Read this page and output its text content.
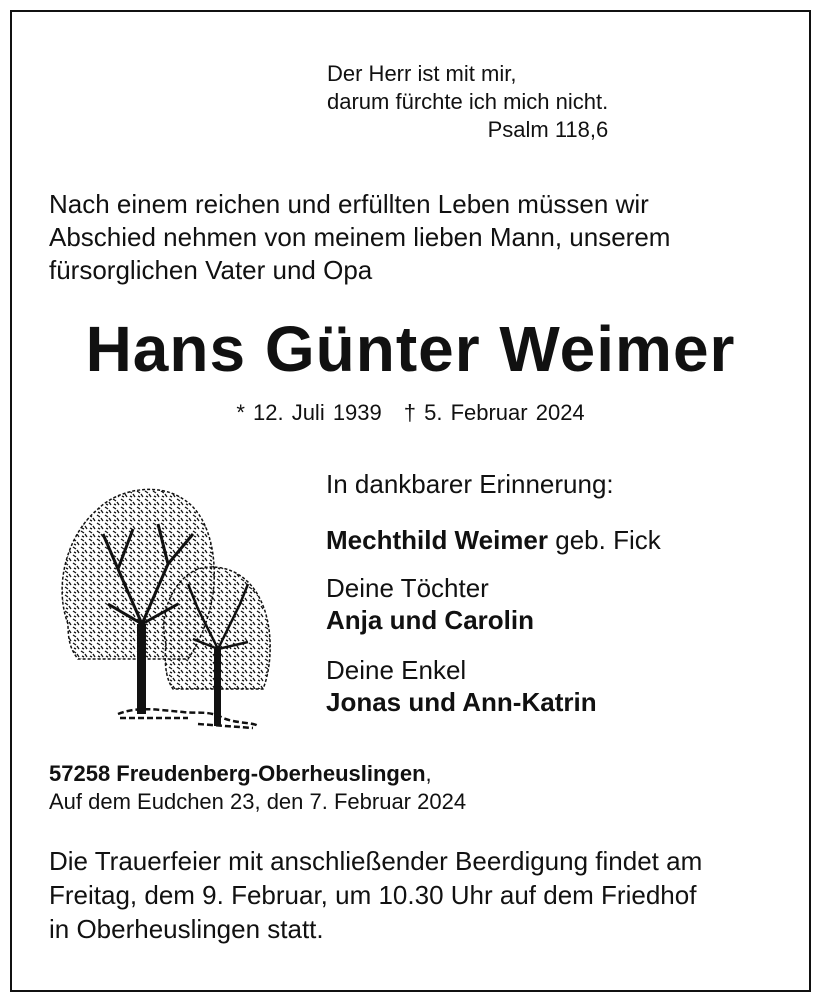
Der Herr ist mit mir,
darum fürchte ich mich nicht.
Psalm 118,6
Nach einem reichen und erfüllten Leben müssen wir
Abschied nehmen von meinem lieben Mann, unserem
fürsorglichen Vater und Opa
Hans Günter Weimer
* 12. Juli 1939 † 5. Februar 2024
In dankbarer Erinnerung:
Mechthild Weimer geb. Fick
Deine Töchter
Anja und Carolin
Deine Enkel
Jonas und Ann-Katrin
57258 Freudenberg-Oberheuslingen,
Auf dem Eudchen 23, den 7. Februar 2024
Die Trauerfeier mit anschließender Beerdigung findet am
Freitag, dem 9. Februar, um 10.30 Uhr auf dem Friedhof
in Oberheuslingen statt.
